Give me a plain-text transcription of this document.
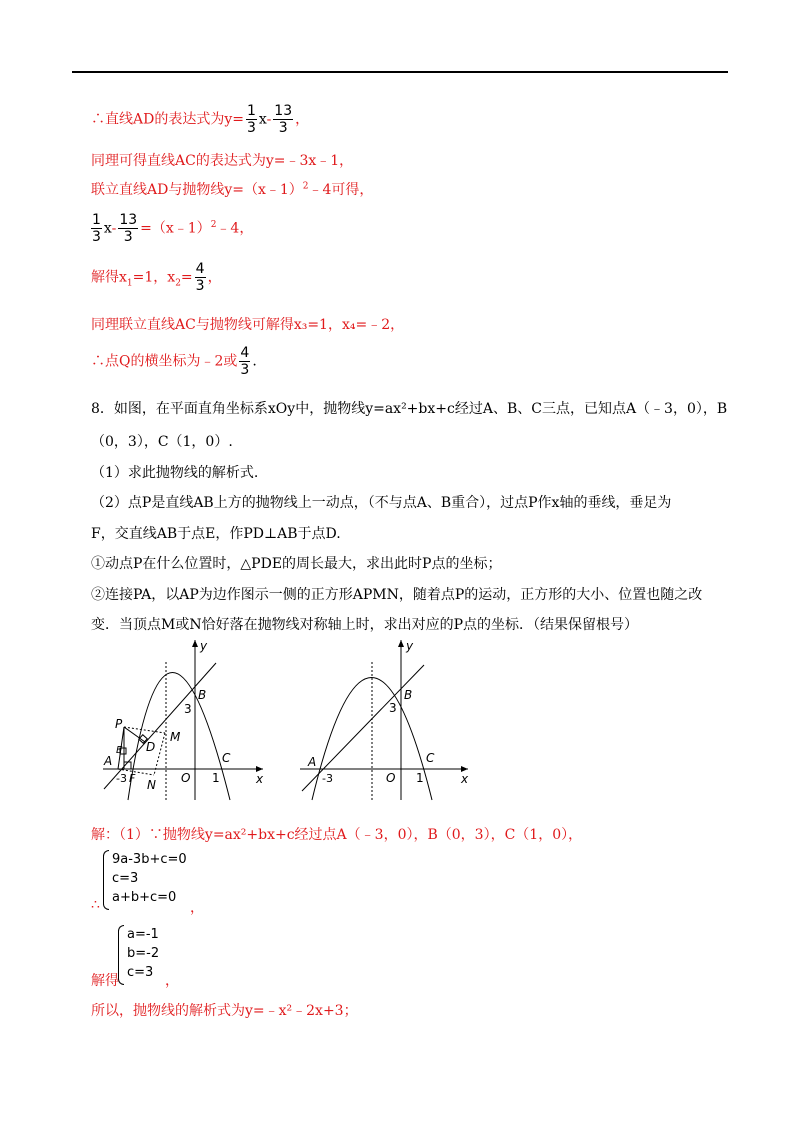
∴直线AD的表达式为$y= \frac{1}{3} x- \frac{13}{3}$ ，
同理可得直线AC的表达式为y=﹣3x﹣1，
联立直线AD与抛物线y=（x﹣1）$^2$﹣4可得，
$\frac{1}{3} x- \frac{13}{3}$ =（x﹣1）$^2$﹣4，
解得$x_1=1$，$x_2= \frac{4}{3}$ ，
同理联立直线AC与抛物线可解得x₃=1，x₄=﹣2，
∴点Q的横坐标为﹣2或 $\frac{4}{3}$ .
8．如图，在平面直角坐标系xOy中，抛物线y=ax²+bx+c经过A、B、C三点，已知点A（﹣3，0），B
（0，3），C（1，0）.
（1）求此抛物线的解析式.
（2）点P是直线AB上方的抛物线上一动点，（不与点A、B重合），过点P作x轴的垂线，垂足为
F，交直线AB于点E，作PD⊥AB于点D.
①动点P在什么位置时，△PDE的周长最大，求出此时P点的坐标；
②连接PA，以AP为边作图示一侧的正方形APMN，随着点P的运动，正方形的大小、位置也随之改
变．当顶点M或N恰好落在抛物线对称轴上时，求出对应的P点的坐标．（结果保留根号）
y
x
B
3
P
D
M
E
A
-3 F N O 1
C
y
x
B
3
A
-3	O 1
C
解：（1）∵抛物线y=ax²+bx+c经过点A（﹣3，0），B（0，3），C（1，0），
9a-3b+c=0
c=3
a+b+c=0
∴	，
a=-1
b=-2
c=3
解得	，
所以，抛物线的解析式为y=﹣x²﹣2x+3；
